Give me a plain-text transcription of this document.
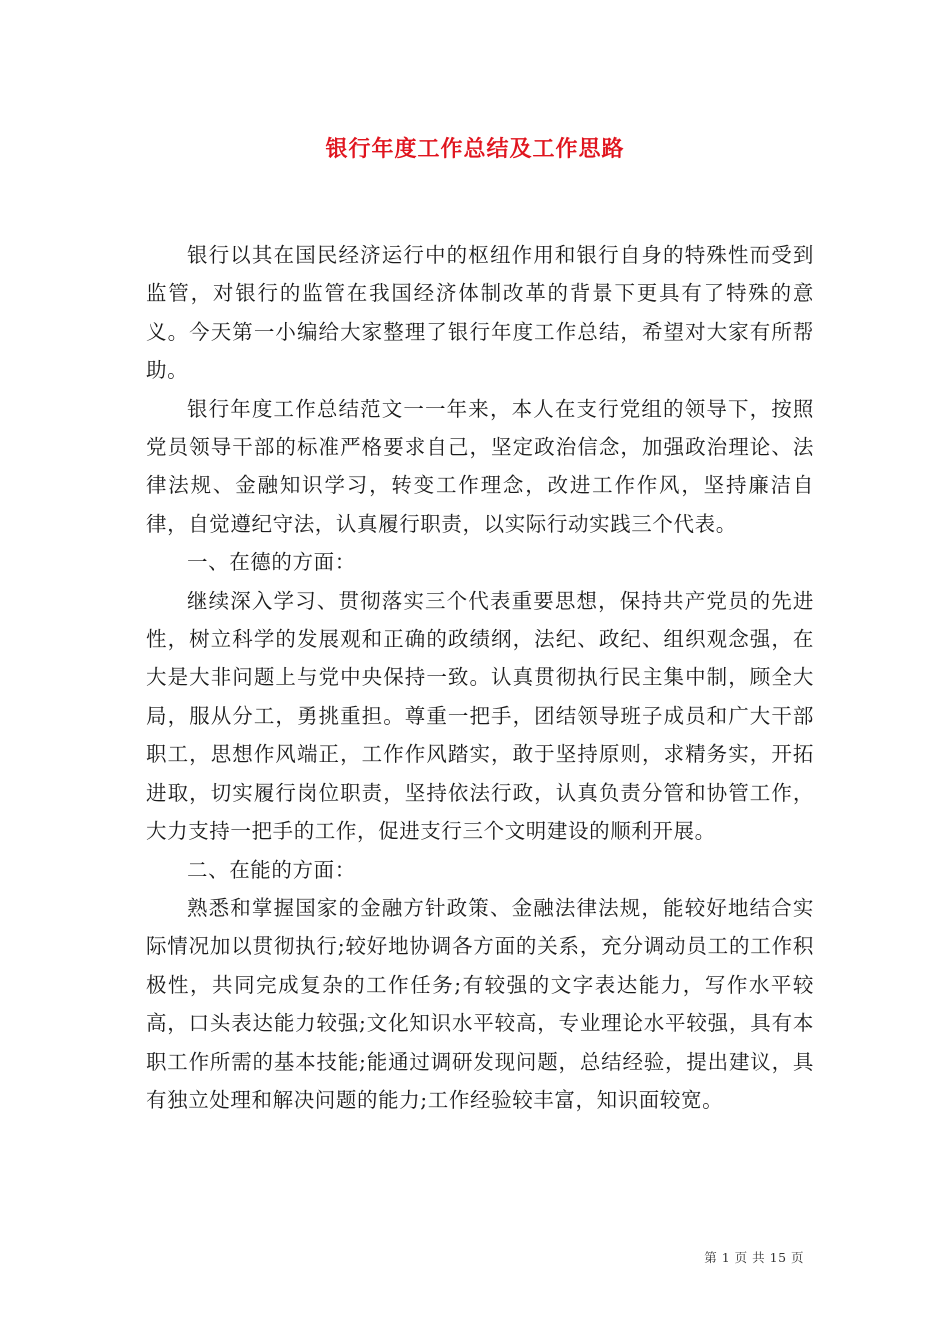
银行年度工作总结及工作思路

银行以其在国民经济运行中的枢纽作用和银行自身的特殊性而受到监管，对银行的监管在我国经济体制改革的背景下更具有了特殊的意义。今天第一小编给大家整理了银行年度工作总结，希望对大家有所帮助。

银行年度工作总结范文一一年来，本人在支行党组的领导下，按照党员领导干部的标准严格要求自己，坚定政治信念，加强政治理论、法律法规、金融知识学习，转变工作理念，改进工作作风，坚持廉洁自律，自觉遵纪守法，认真履行职责，以实际行动实践三个代表。

一、在德的方面：

继续深入学习、贯彻落实三个代表重要思想，保持共产党员的先进性，树立科学的发展观和正确的政绩纲，法纪、政纪、组织观念强，在大是大非问题上与党中央保持一致。认真贯彻执行民主集中制，顾全大局，服从分工，勇挑重担。尊重一把手，团结领导班子成员和广大干部职工，思想作风端正，工作作风踏实，敢于坚持原则，求精务实，开拓进取，切实履行岗位职责，坚持依法行政，认真负责分管和协管工作，大力支持一把手的工作，促进支行三个文明建设的顺利开展。

二、在能的方面：

熟悉和掌握国家的金融方针政策、金融法律法规，能较好地结合实际情况加以贯彻执行;较好地协调各方面的关系，充分调动员工的工作积极性，共同完成复杂的工作任务;有较强的文字表达能力，写作水平较高，口头表达能力较强;文化知识水平较高，专业理论水平较强，具有本职工作所需的基本技能;能通过调研发现问题，总结经验，提出建议，具有独立处理和解决问题的能力;工作经验较丰富，知识面较宽。

第 1 页 共 15 页
